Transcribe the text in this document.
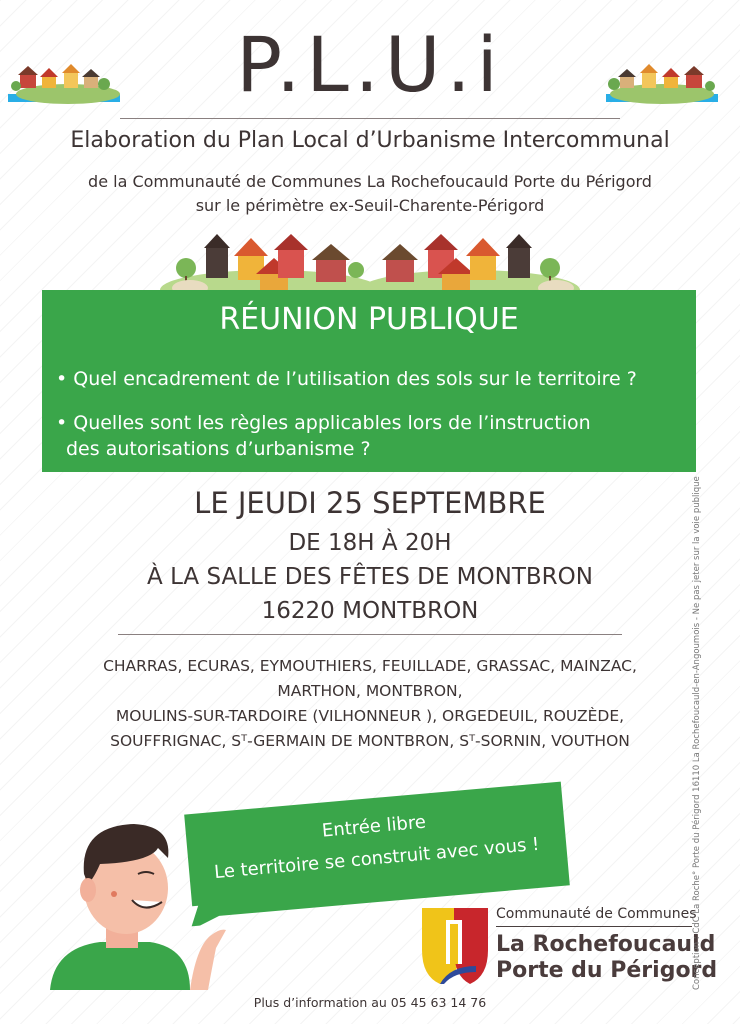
P.L.U.i
Elaboration du Plan Local d’Urbanisme Intercommunal
de la Communauté de Communes La Rochefoucauld Porte du Périgord
sur le périmètre ex-Seuil-Charente-Périgord
RÉUNION PUBLIQUE
• Quel encadrement de l’utilisation des sols sur le territoire ?
• Quelles sont les règles applicables lors de l’instruction
des autorisations d’urbanisme ?
LE JEUDI 25 SEPTEMBRE
DE 18H À 20H
À LA SALLE DES FÊTES DE MONTBRON
16220 MONTBRON
CHARRAS, ECURAS, EYMOUTHIERS, FEUILLADE, GRASSAC, MAINZAC,
MARTHON, MONTBRON,
MOULINS-SUR-TARDOIRE (VILHONNEUR ), ORGEDEUIL, ROUZÈDE,
SOUFFRIGNAC, Sᵀ-GERMAIN DE MONTBRON, Sᵀ-SORNIN, VOUTHON
Entrée libre
Le territoire se construit avec vous !
Communauté de Communes
La Rochefoucauld
Porte du Périgord
Conception : CdC La Roche° Porte du Périgord 16110 La Rochefoucauld-en-Angoumois - Ne pas jeter sur la voie publique
Plus d’information au 05 45 63 14 76
